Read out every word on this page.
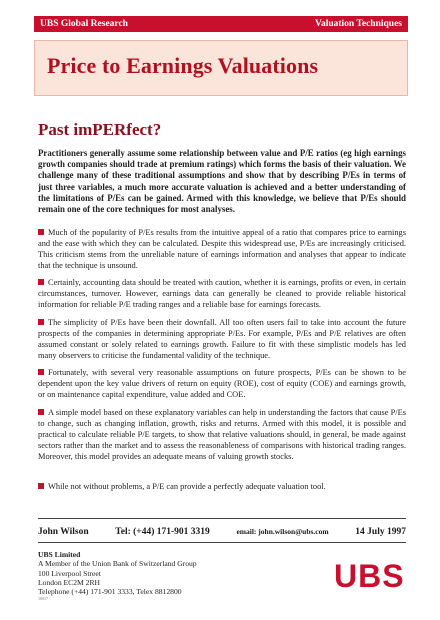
UBS Global Research	Valuation Techniques
Price to Earnings Valuations
Past imPERfect?
Practitioners generally assume some relationship between value and P/E ratios (eg high earnings growth companies should trade at premium ratings) which forms the basis of their valuation. We challenge many of these traditional assumptions and show that by describing P/Es in terms of just three variables, a much more accurate valuation is achieved and a better understanding of the limitations of P/Es can be gained. Armed with this knowledge, we believe that P/Es should remain one of the core techniques for most analyses.
Much of the popularity of P/Es results from the intuitive appeal of a ratio that compares price to earnings and the ease with which they can be calculated. Despite this widespread use, P/Es are increasingly criticised. This criticism stems from the unreliable nature of earnings information and analyses that appear to indicate that the technique is unsound.
Certainly, accounting data should be treated with caution, whether it is earnings, profits or even, in certain circumstances, turnover. However, earnings data can generally be cleaned to provide reliable historical information for reliable P/E trading ranges and a reliable base for earnings forecasts.
The simplicity of P/Es have been their downfall. All too often users fail to take into account the future prospects of the companies in determining appropriate P/Es. For example, P/Es and P/E relatives are often assumed constant or solely related to earnings growth. Failure to fit with these simplistic models has led many observers to criticise the fundamental validity of the technique.
Fortunately, with several very reasonable assumptions on future prospects, P/Es can be shown to be dependent upon the key value drivers of return on equity (ROE), cost of equity (COE) and earnings growth, or on maintenance capital expenditure, value added and COE.
A simple model based on these explanatory variables can help in understanding the factors that cause P/Es to change, such as changing inflation, growth, risks and returns. Armed with this model, it is possible and practical to calculate reliable P/E targets, to show that relative valuations should, in general, be made against sectors rather than the market and to assess the reasonableness of comparisons with historical trading ranges. Moreover, this model provides an adequate means of valuing growth stocks.
While not without problems, a P/E can provide a perfectly adequate valuation tool.
John Wilson	Tel: (+44) 171-901 3319	email: john.wilson@ubs.com	14 July 1997
UBS Limited
A Member of the Union Bank of Switzerland Group
100 Liverpool Street
London EC2M 2RH
Telephone (+44) 171-901 3333, Telex 8812800
10017
UBS
